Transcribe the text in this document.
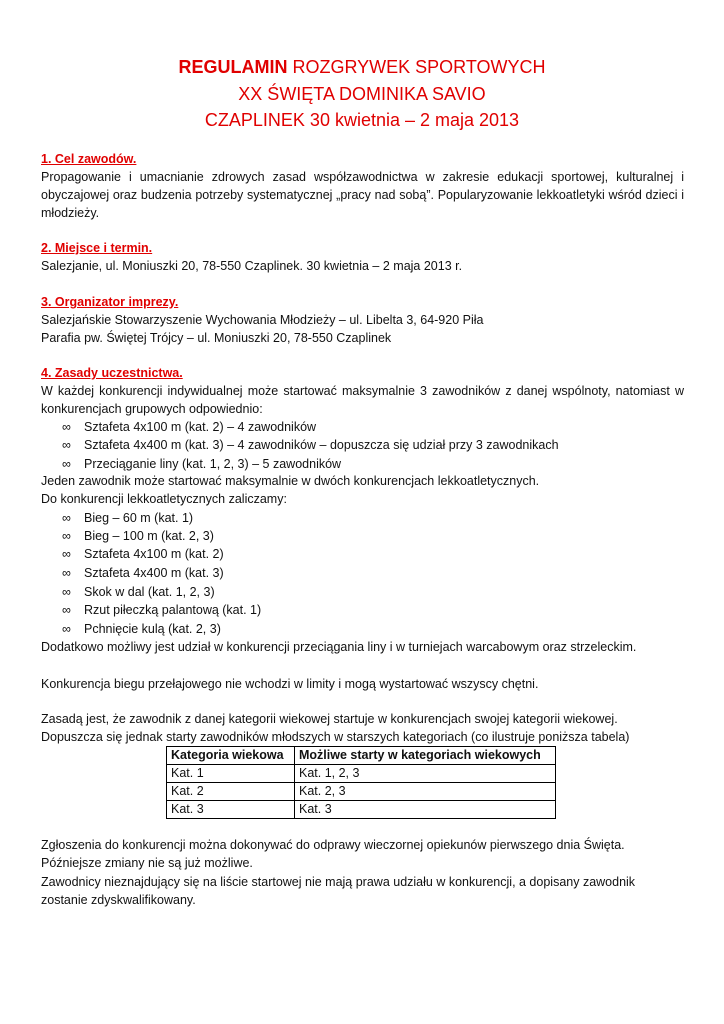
REGULAMIN ROZGRYWEK SPORTOWYCH
XX ŚWIĘTA DOMINIKA SAVIO
CZAPLINEK 30 kwietnia – 2 maja 2013
1. Cel zawodów.
Propagowanie i umacnianie zdrowych zasad współzawodnictwa w zakresie edukacji sportowej, kulturalnej i obyczajowej oraz budzenia potrzeby systematycznej „pracy nad sobą”. Popularyzowanie lekkoatletyki wśród dzieci i młodzieży.
2. Miejsce i termin.
Salezjanie, ul. Moniuszki 20, 78-550 Czaplinek. 30 kwietnia – 2 maja 2013 r.
3. Organizator imprezy.
Salezjańskie Stowarzyszenie Wychowania Młodzieży – ul. Libelta 3, 64-920 Piła
Parafia pw. Świętej Trójcy – ul. Moniuszki 20, 78-550 Czaplinek
4. Zasady uczestnictwa.
W każdej konkurencji indywidualnej może startować maksymalnie 3 zawodników z danej wspólnoty, natomiast w konkurencjach grupowych odpowiednio:
∞ Sztafeta 4x100 m (kat. 2) – 4 zawodników
∞ Sztafeta 4x400 m (kat. 3) – 4 zawodników – dopuszcza się udział przy 3 zawodnikach
∞ Przeciąganie liny (kat. 1, 2, 3) – 5 zawodników
Jeden zawodnik może startować maksymalnie w dwóch konkurencjach lekkoatletycznych.
Do konkurencji lekkoatletycznych zaliczamy:
∞ Bieg – 60 m (kat. 1)
∞ Bieg – 100 m (kat. 2, 3)
∞ Sztafeta 4x100 m (kat. 2)
∞ Sztafeta 4x400 m (kat. 3)
∞ Skok w dal (kat. 1, 2, 3)
∞ Rzut piłeczką palantową (kat. 1)
∞ Pchnięcie kulą (kat. 2, 3)
Dodatkowo możliwy jest udział w konkurencji przeciągania liny i w turniejach warcabowym oraz strzeleckim.
Konkurencja biegu przełajowego nie wchodzi w limity i mogą wystartować wszyscy chętni.
Zasadą jest, że zawodnik z danej kategorii wiekowej startuje w konkurencjach swojej kategorii wiekowej.
Dopuszcza się jednak starty zawodników młodszych w starszych kategoriach (co ilustruje poniższa tabela)
Kategoria wiekowa	Możliwe starty w kategoriach wiekowych
Kat. 1	Kat. 1, 2, 3
Kat. 2	Kat. 2, 3
Kat. 3	Kat. 3
Zgłoszenia do konkurencji można dokonywać do odprawy wieczornej opiekunów pierwszego dnia Święta.
Późniejsze zmiany nie są już możliwe.
Zawodnicy nieznajdujący się na liście startowej nie mają prawa udziału w konkurencji, a dopisany zawodnik zostanie zdyskwalifikowany.
